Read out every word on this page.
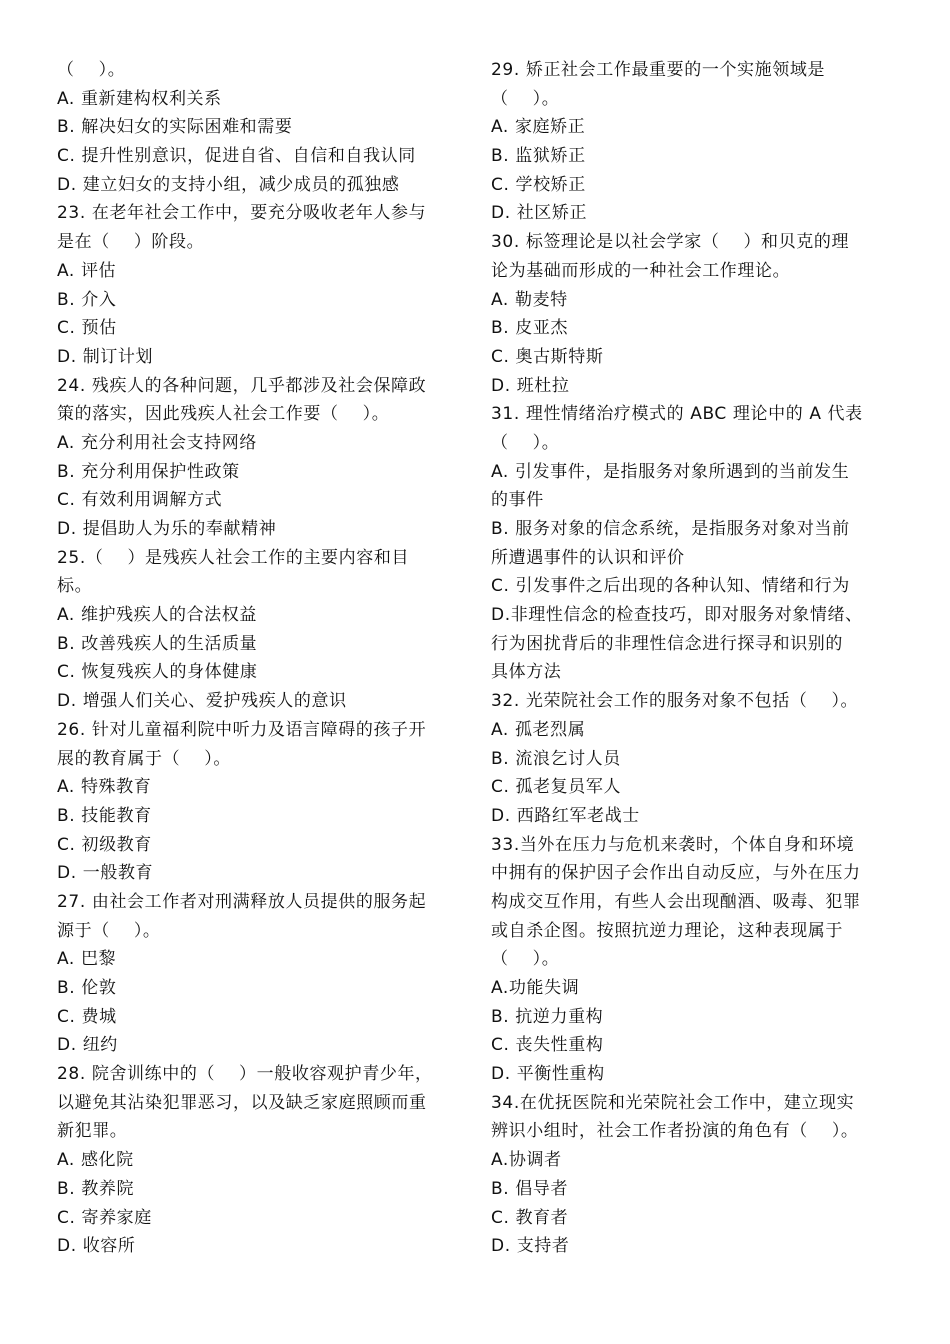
（    ）。
A. 重新建构权利关系
B. 解决妇女的实际困难和需要
C. 提升性别意识，促进自省、自信和自我认同
D. 建立妇女的支持小组，减少成员的孤独感
23. 在老年社会工作中，要充分吸收老年人参与
是在（    ）阶段。
A. 评估
B. 介入
C. 预估
D. 制订计划
24. 残疾人的各种问题，几乎都涉及社会保障政
策的落实，因此残疾人社会工作要（    ）。
A. 充分利用社会支持网络
B. 充分利用保护性政策
C. 有效利用调解方式
D. 提倡助人为乐的奉献精神
25.（    ）是残疾人社会工作的主要内容和目
标。
A. 维护残疾人的合法权益
B. 改善残疾人的生活质量
C. 恢复残疾人的身体健康
D. 增强人们关心、爱护残疾人的意识
26. 针对儿童福利院中听力及语言障碍的孩子开
展的教育属于（    ）。
A. 特殊教育
B. 技能教育
C. 初级教育
D. 一般教育
27. 由社会工作者对刑满释放人员提供的服务起
源于（    ）。
A. 巴黎
B. 伦敦
C. 费城
D. 纽约
28. 院舍训练中的（    ）一般收容观护青少年，
以避免其沾染犯罪恶习，以及缺乏家庭照顾而重
新犯罪。
A. 感化院
B. 教养院
C. 寄养家庭
D. 收容所
29. 矫正社会工作最重要的一个实施领域是
（    ）。
A. 家庭矫正
B. 监狱矫正
C. 学校矫正
D. 社区矫正
30. 标签理论是以社会学家（    ）和贝克的理
论为基础而形成的一种社会工作理论。
A. 勒麦特
B. 皮亚杰
C. 奥古斯特斯
D. 班杜拉
31. 理性情绪治疗模式的 ABC 理论中的 A 代表
（    ）。
A. 引发事件，是指服务对象所遇到的当前发生
的事件
B. 服务对象的信念系统，是指服务对象对当前
所遭遇事件的认识和评价
C. 引发事件之后出现的各种认知、情绪和行为
D.非理性信念的检查技巧，即对服务对象情绪、
行为困扰背后的非理性信念进行探寻和识别的
具体方法
32. 光荣院社会工作的服务对象不包括（    ）。
A. 孤老烈属
B. 流浪乞讨人员
C. 孤老复员军人
D. 西路红军老战士
33.当外在压力与危机来袭时，个体自身和环境
中拥有的保护因子会作出自动反应，与外在压力
构成交互作用，有些人会出现酗酒、吸毒、犯罪
或自杀企图。按照抗逆力理论，这种表现属于
（    ）。
A.功能失调
B. 抗逆力重构
C. 丧失性重构
D. 平衡性重构
34.在优抚医院和光荣院社会工作中，建立现实
辨识小组时，社会工作者扮演的角色有（    ）。
A.协调者
B. 倡导者
C. 教育者
D. 支持者
